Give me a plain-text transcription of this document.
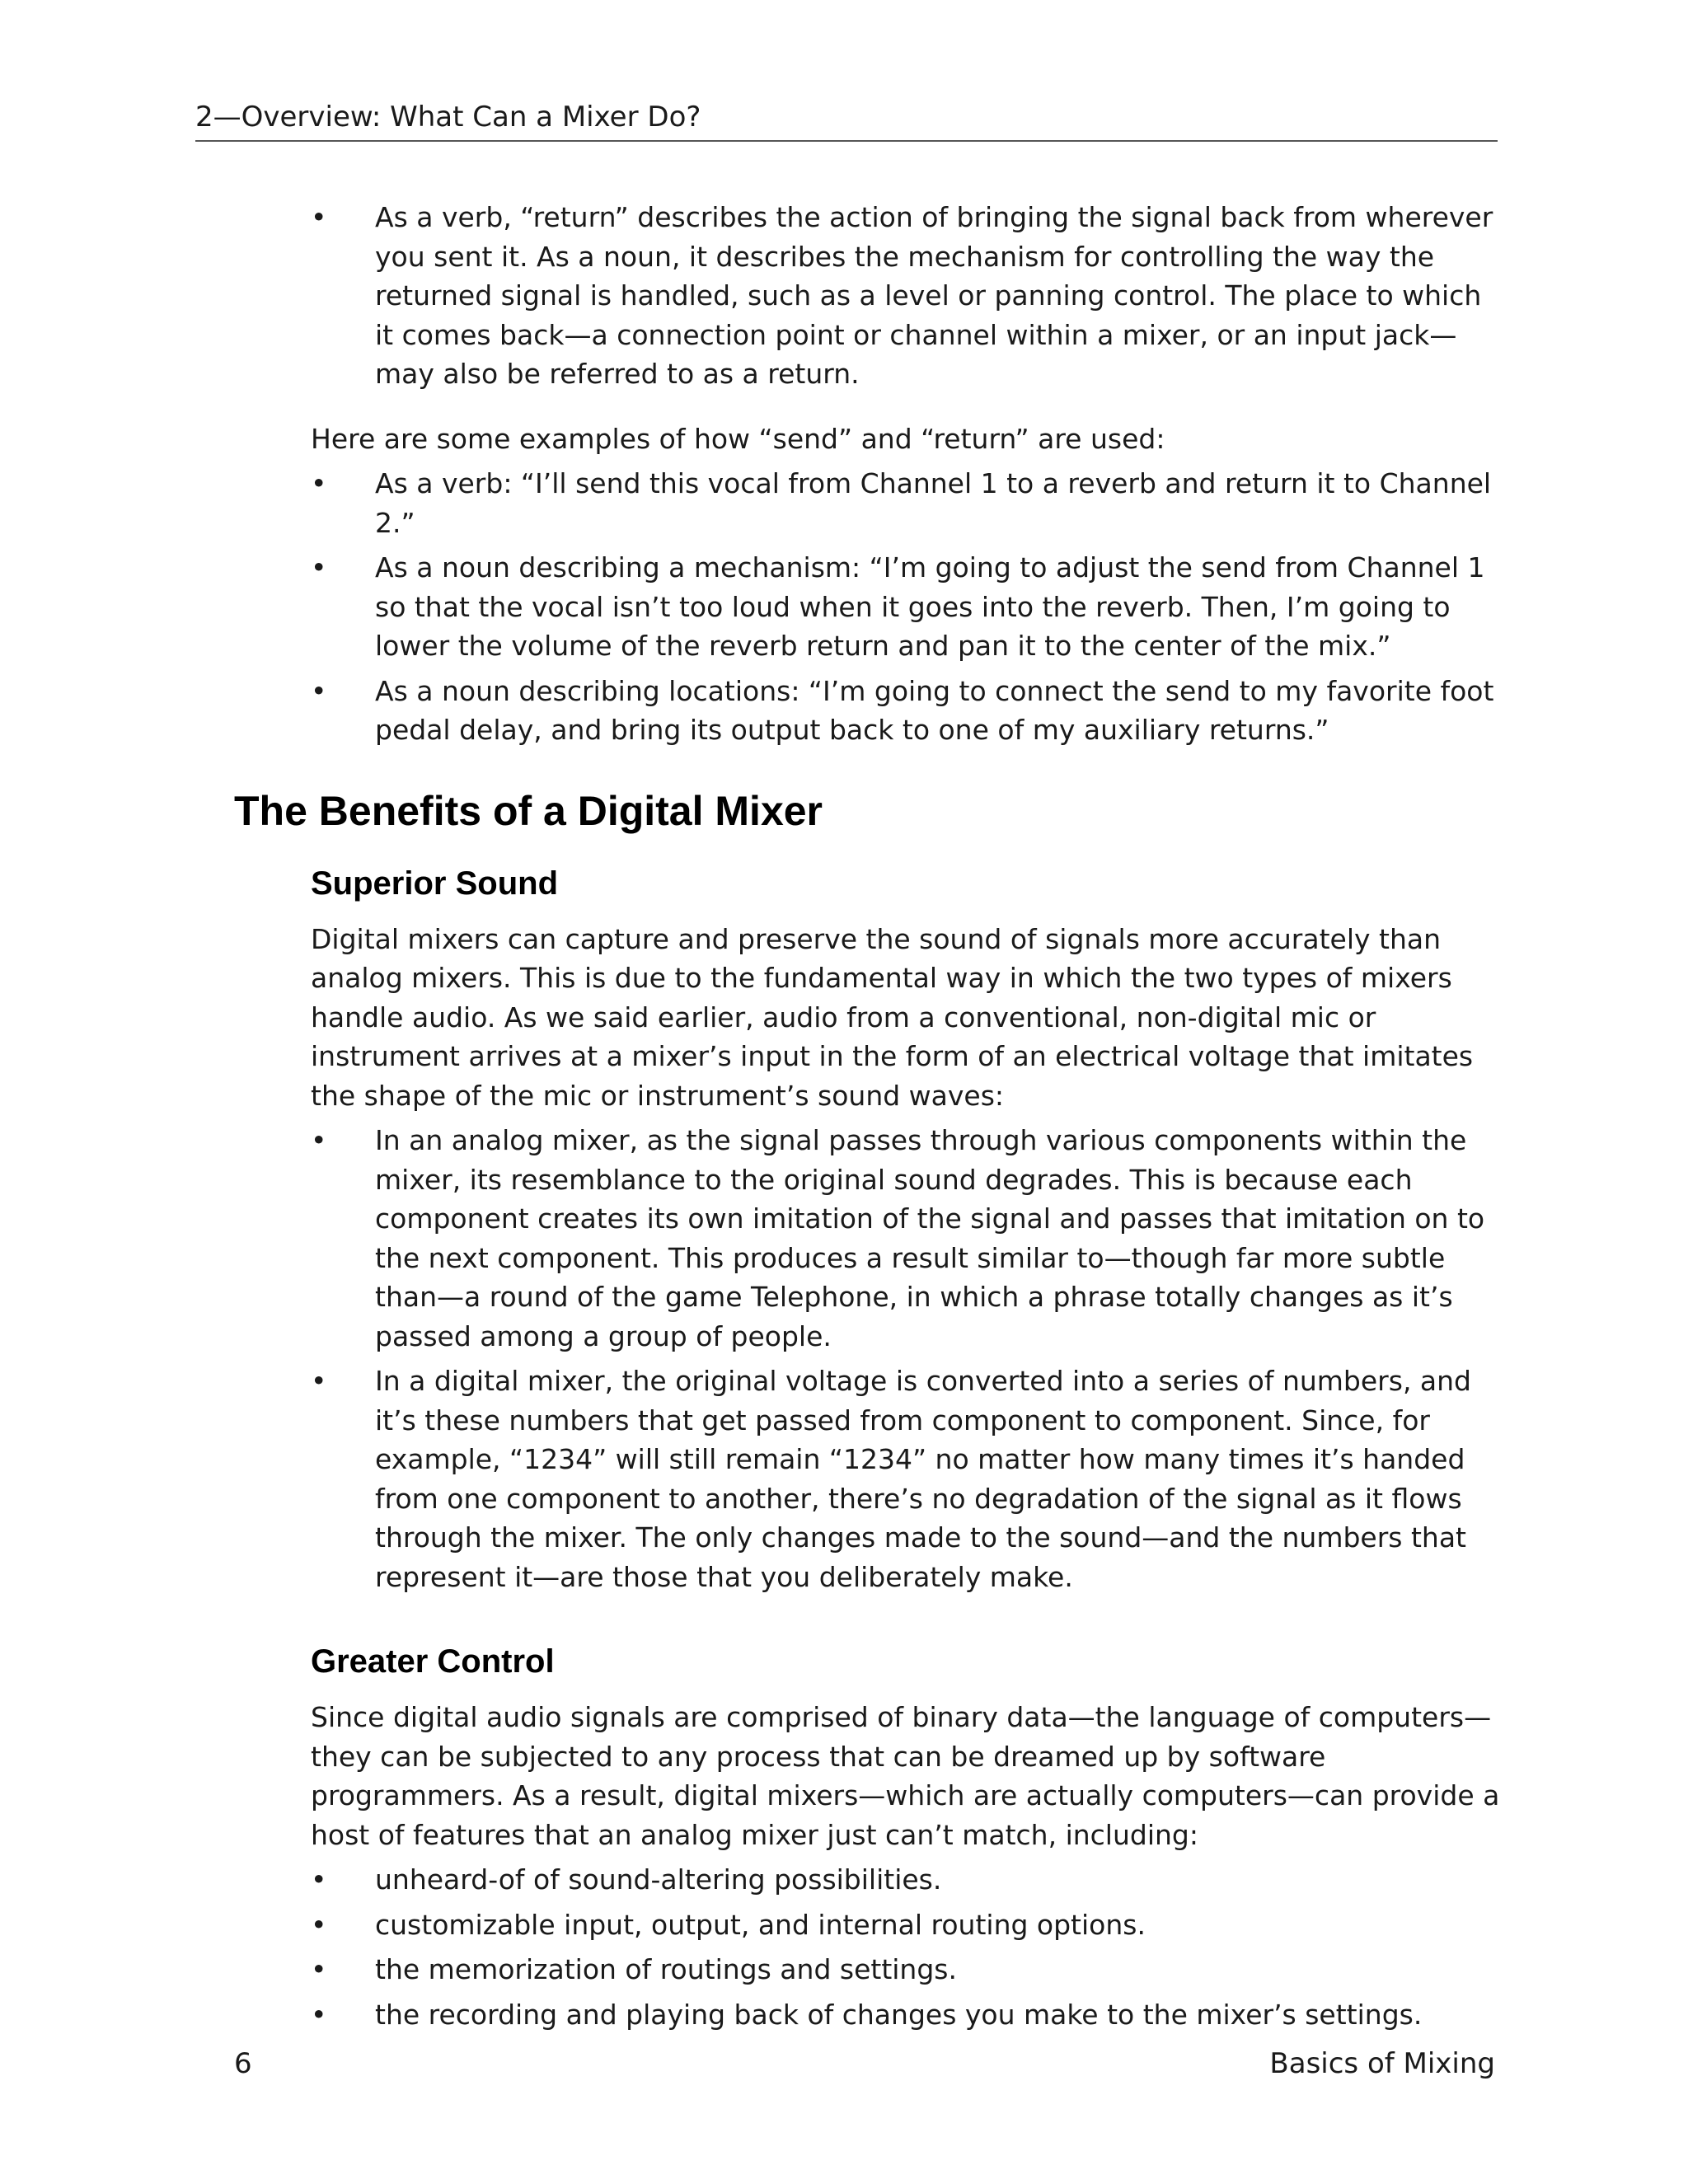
2—Overview: What Can a Mixer Do?
• As a verb, “return” describes the action of bringing the signal back from wherever you sent it. As a noun, it describes the mechanism for controlling the way the returned signal is handled, such as a level or panning control. The place to which it comes back—a connection point or channel within a mixer, or an input jack—may also be referred to as a return.

Here are some examples of how “send” and “return” are used:

• As a verb: “I’ll send this vocal from Channel 1 to a reverb and return it to Channel 2.”
• As a noun describing a mechanism: “I’m going to adjust the send from Channel 1 so that the vocal isn’t too loud when it goes into the reverb. Then, I’m going to lower the volume of the reverb return and pan it to the center of the mix.”
• As a noun describing locations: “I’m going to connect the send to my favorite foot pedal delay, and bring its output back to one of my auxiliary returns.”
The Benefits of a Digital Mixer
Superior Sound

Digital mixers can capture and preserve the sound of signals more accurately than analog mixers. This is due to the fundamental way in which the two types of mixers handle audio. As we said earlier, audio from a conventional, non-digital mic or instrument arrives at a mixer’s input in the form of an electrical voltage that imitates the shape of the mic or instrument’s sound waves:

• In an analog mixer, as the signal passes through various components within the mixer, its resemblance to the original sound degrades. This is because each component creates its own imitation of the signal and passes that imitation on to the next component. This produces a result similar to—though far more subtle than—a round of the game Telephone, in which a phrase totally changes as it’s passed among a group of people.
• In a digital mixer, the original voltage is converted into a series of numbers, and it’s these numbers that get passed from component to component. Since, for example, “1234” will still remain “1234” no matter how many times it’s handed from one component to another, there’s no degradation of the signal as it flows through the mixer. The only changes made to the sound—and the numbers that represent it—are those that you deliberately make.
Greater Control

Since digital audio signals are comprised of binary data—the language of computers—they can be subjected to any process that can be dreamed up by software programmers. As a result, digital mixers—which are actually computers—can provide a host of features that an analog mixer just can’t match, including:

• unheard-of of sound-altering possibilities.
• customizable input, output, and internal routing options.
• the memorization of routings and settings.
• the recording and playing back of changes you make to the mixer’s settings.
6	Basics of Mixing
